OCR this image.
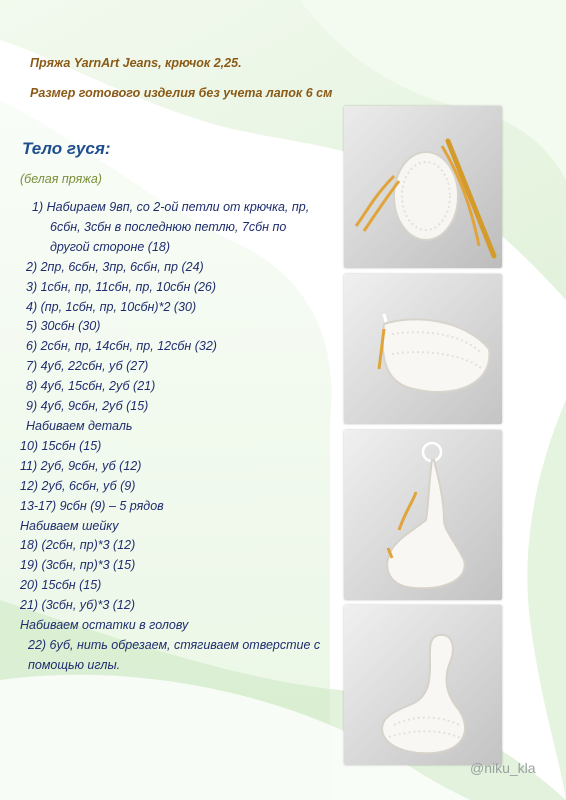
Пряжа YarnArt Jeans, крючок 2,25.
Размер готового изделия без учета лапок 6 см
Тело гуся:
(белая пряжа)
1) Набираем 9вп, со 2-ой петли от крючка, пр, 6сбн, 3сбн в последнюю петлю, 7сбн по другой стороне (18)
2) 2пр, 6сбн, 3пр, 6сбн, пр (24)
3) 1сбн, пр, 11сбн, пр, 10сбн (26)
4) (пр, 1сбн, пр, 10сбн)*2 (30)
5) 30сбн (30)
6) 2сбн, пр, 14сбн, пр, 12сбн (32)
7) 4уб, 22сбн, уб (27)
8) 4уб, 15сбн, 2уб (21)
9) 4уб, 9сбн, 2уб (15)
Набиваем деталь
10) 15сбн (15)
11) 2уб, 9сбн, уб (12)
12) 2уб, 6сбн, уб (9)
13-17) 9сбн (9) – 5 рядов
Набиваем шейку
18) (2сбн, пр)*3 (12)
19) (3сбн, пр)*3 (15)
20) 15сбн (15)
21) (3сбн, уб)*3 (12)
Набиваем остатки в голову
22) 6уб, нить обрезаем, стягиваем отверстие с помощью иглы.
@niku_kla
